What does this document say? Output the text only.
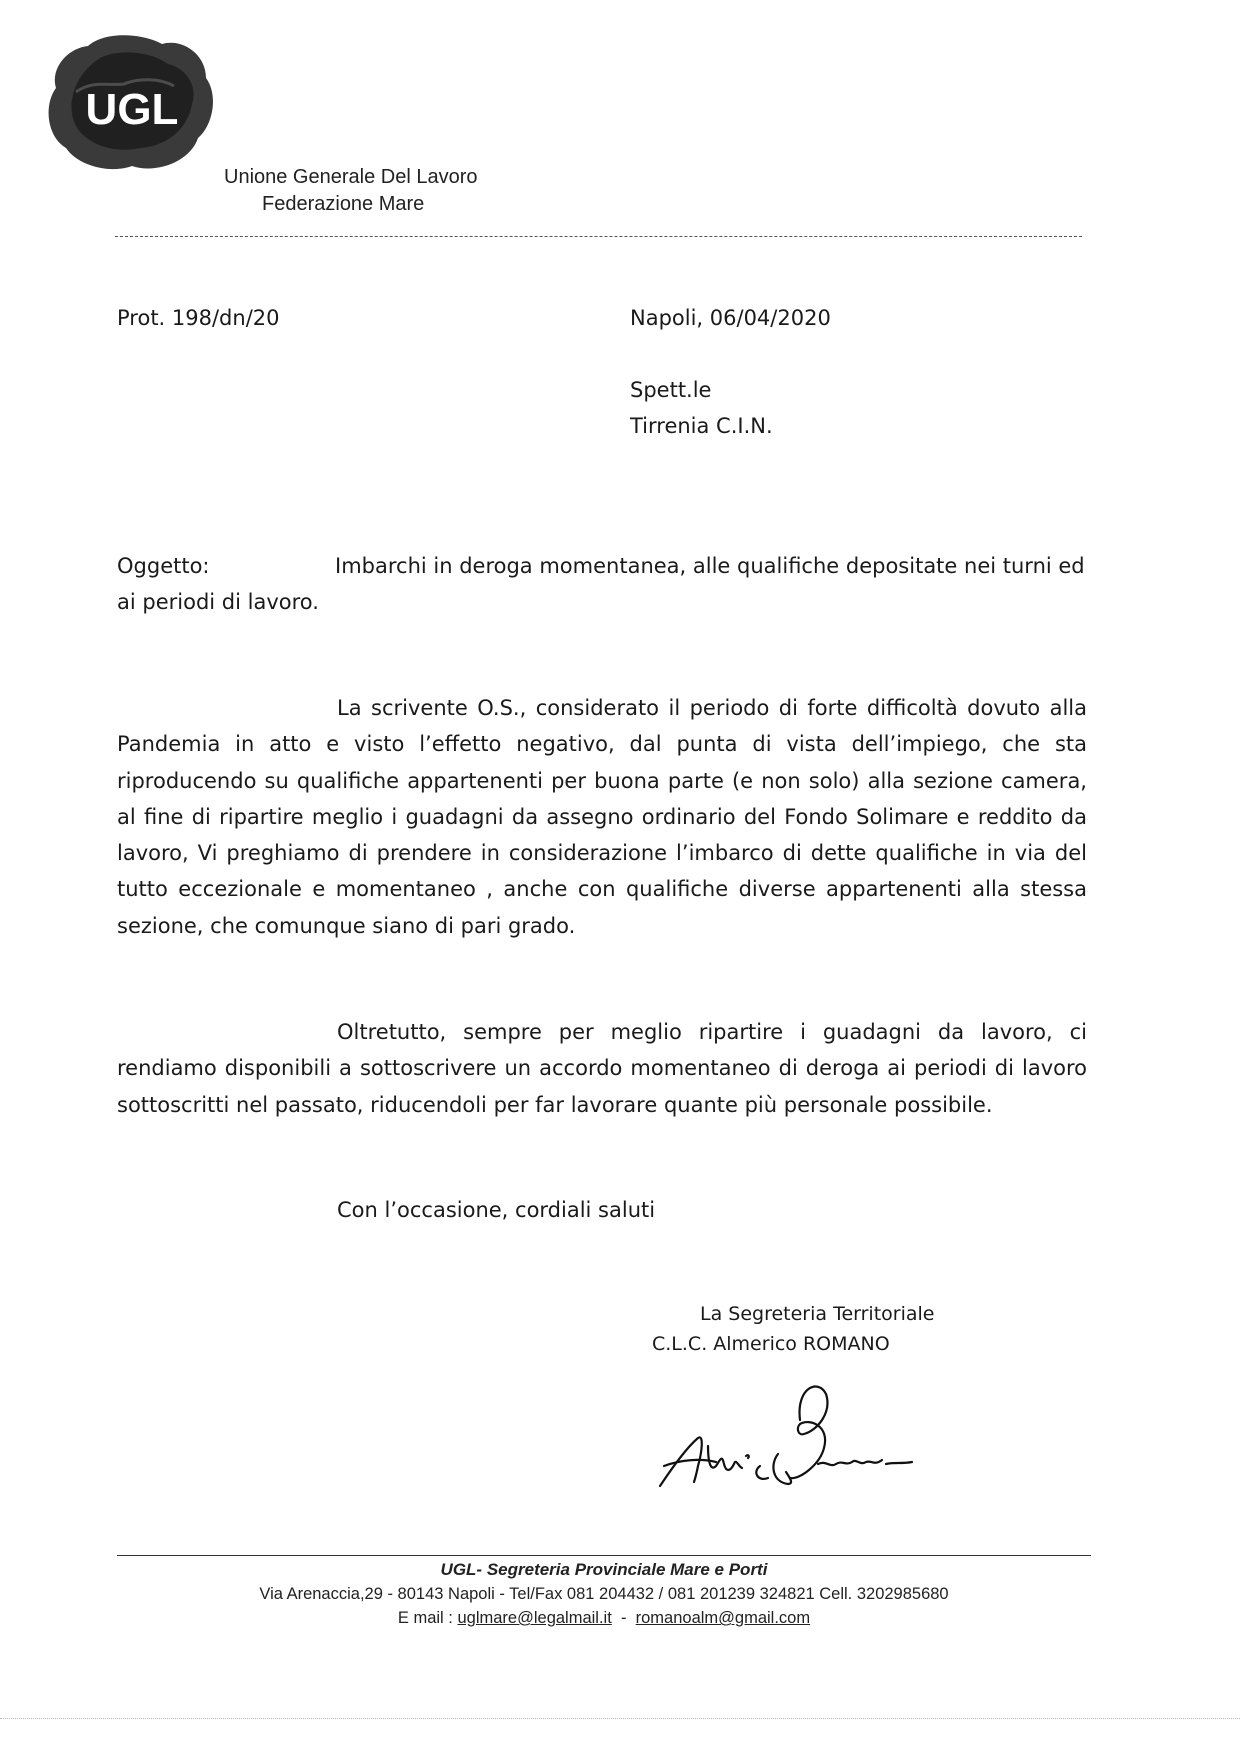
UGL
Unione Generale Del Lavoro
Federazione Mare
Prot. 198/dn/20	Napoli, 06/04/2020
Spett.le
Tirrenia C.I.N.
Oggetto:	Imbarchi in deroga momentanea, alle qualifiche depositate nei turni ed ai periodi di lavoro.
La scrivente O.S., considerato il periodo di forte difficoltà dovuto alla Pandemia in atto e visto l’effetto negativo, dal punta di vista dell’impiego, che sta riproducendo su qualifiche appartenenti per buona parte (e non solo) alla sezione camera, al fine di ripartire meglio i guadagni da assegno ordinario del Fondo Solimare e reddito da lavoro, Vi preghiamo di prendere in considerazione l’imbarco di dette qualifiche in via del tutto eccezionale e momentaneo , anche con qualifiche diverse appartenenti alla stessa sezione, che comunque siano di pari grado.
Oltretutto, sempre per meglio ripartire i guadagni da lavoro, ci rendiamo disponibili a sottoscrivere un accordo momentaneo di deroga ai periodi di lavoro sottoscritti nel passato, riducendoli per far lavorare quante più personale possibile.
Con l’occasione, cordiali saluti
La Segreteria Territoriale
C.L.C. Almerico ROMANO
UGL- Segreteria Provinciale Mare e Porti
Via Arenaccia,29 - 80143 Napoli - Tel/Fax 081 204432 / 081 201239 324821 Cell. 3202985680
E mail : uglmare@legalmail.it - romanoalm@gmail.com
